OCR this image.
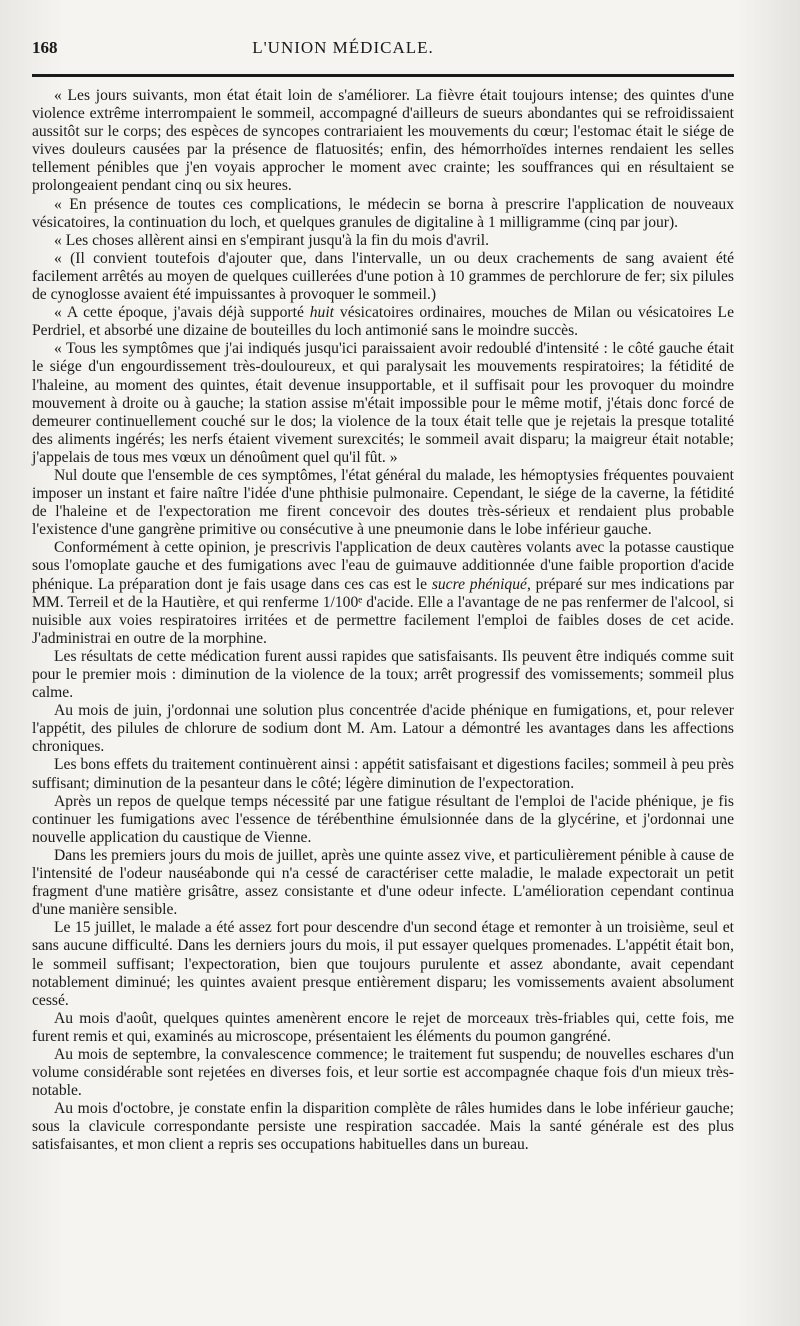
168	L'UNION MÉDICALE.

« Les jours suivants, mon état était loin de s'améliorer. La fièvre était toujours intense; des quintes d'une violence extrême interrompaient le sommeil, accompagné d'ailleurs de sueurs abondantes qui se refroidissaient aussitôt sur le corps; des espèces de syncopes contrariaient les mouvements du cœur; l'estomac était le siége de vives douleurs causées par la présence de flatuosités; enfin, des hémorrhoïdes internes rendaient les selles tellement pénibles que j'en voyais approcher le moment avec crainte; les souffrances qui en résultaient se prolongeaient pendant cinq ou six heures.

« En présence de toutes ces complications, le médecin se borna à prescrire l'application de nouveaux vésicatoires, la continuation du loch, et quelques granules de digitaline à 1 milligramme (cinq par jour).

« Les choses allèrent ainsi en s'empirant jusqu'à la fin du mois d'avril.

« (Il convient toutefois d'ajouter que, dans l'intervalle, un ou deux crachements de sang avaient été facilement arrêtés au moyen de quelques cuillerées d'une potion à 10 grammes de perchlorure de fer; six pilules de cynoglosse avaient été impuissantes à provoquer le sommeil.)

« A cette époque, j'avais déjà supporté huit vésicatoires ordinaires, mouches de Milan ou vésicatoires Le Perdriel, et absorbé une dizaine de bouteilles du loch antimonié sans le moindre succès.

« Tous les symptômes que j'ai indiqués jusqu'ici paraissaient avoir redoublé d'intensité : le côté gauche était le siége d'un engourdissement très-douloureux, et qui paralysait les mouvements respiratoires; la fétidité de l'haleine, au moment des quintes, était devenue insupportable, et il suffisait pour les provoquer du moindre mouvement à droite ou à gauche; la station assise m'était impossible pour le même motif, j'étais donc forcé de demeurer continuellement couché sur le dos; la violence de la toux était telle que je rejetais la presque totalité des aliments ingérés; les nerfs étaient vivement surexcités; le sommeil avait disparu; la maigreur était notable; j'appelais de tous mes vœux un dénoûment quel qu'il fût. »

Nul doute que l'ensemble de ces symptômes, l'état général du malade, les hémoptysies fréquentes pouvaient imposer un instant et faire naître l'idée d'une phthisie pulmonaire. Cependant, le siége de la caverne, la fétidité de l'haleine et de l'expectoration me firent concevoir des doutes très-sérieux et rendaient plus probable l'existence d'une gangrène primitive ou consécutive à une pneumonie dans le lobe inférieur gauche.

Conformément à cette opinion, je prescrivis l'application de deux cautères volants avec la potasse caustique sous l'omoplate gauche et des fumigations avec l'eau de guimauve additionnée d'une faible proportion d'acide phénique. La préparation dont je fais usage dans ces cas est le sucre phéniqué, préparé sur mes indications par MM. Terreil et de la Hautière, et qui renferme 1/100ᵉ d'acide. Elle a l'avantage de ne pas renfermer de l'alcool, si nuisible aux voies respiratoires irritées et de permettre facilement l'emploi de faibles doses de cet acide. J'administrai en outre de la morphine.

Les résultats de cette médication furent aussi rapides que satisfaisants. Ils peuvent être indiqués comme suit pour le premier mois : diminution de la violence de la toux; arrêt progressif des vomissements; sommeil plus calme.

Au mois de juin, j'ordonnai une solution plus concentrée d'acide phénique en fumigations, et, pour relever l'appétit, des pilules de chlorure de sodium dont M. Am. Latour a démontré les avantages dans les affections chroniques.

Les bons effets du traitement continuèrent ainsi : appétit satisfaisant et digestions faciles; sommeil à peu près suffisant; diminution de la pesanteur dans le côté; légère diminution de l'expectoration.

Après un repos de quelque temps nécessité par une fatigue résultant de l'emploi de l'acide phénique, je fis continuer les fumigations avec l'essence de térébenthine émulsionnée dans de la glycérine, et j'ordonnai une nouvelle application du caustique de Vienne.

Dans les premiers jours du mois de juillet, après une quinte assez vive, et particulièrement pénible à cause de l'intensité de l'odeur nauséabonde qui n'a cessé de caractériser cette maladie, le malade expectorait un petit fragment d'une matière grisâtre, assez consistante et d'une odeur infecte. L'amélioration cependant continua d'une manière sensible.

Le 15 juillet, le malade a été assez fort pour descendre d'un second étage et remonter à un troisième, seul et sans aucune difficulté. Dans les derniers jours du mois, il put essayer quelques promenades. L'appétit était bon, le sommeil suffisant; l'expectoration, bien que toujours purulente et assez abondante, avait cependant notablement diminué; les quintes avaient presque entièrement disparu; les vomissements avaient absolument cessé.

Au mois d'août, quelques quintes amenèrent encore le rejet de morceaux très-friables qui, cette fois, me furent remis et qui, examinés au microscope, présentaient les éléments du poumon gangréné.

Au mois de septembre, la convalescence commence; le traitement fut suspendu; de nouvelles eschares d'un volume considérable sont rejetées en diverses fois, et leur sortie est accompagnée chaque fois d'un mieux très-notable.

Au mois d'octobre, je constate enfin la disparition complète de râles humides dans le lobe inférieur gauche; sous la clavicule correspondante persiste une respiration saccadée. Mais la santé générale est des plus satisfaisantes, et mon client a repris ses occupations habituelles dans un bureau.
